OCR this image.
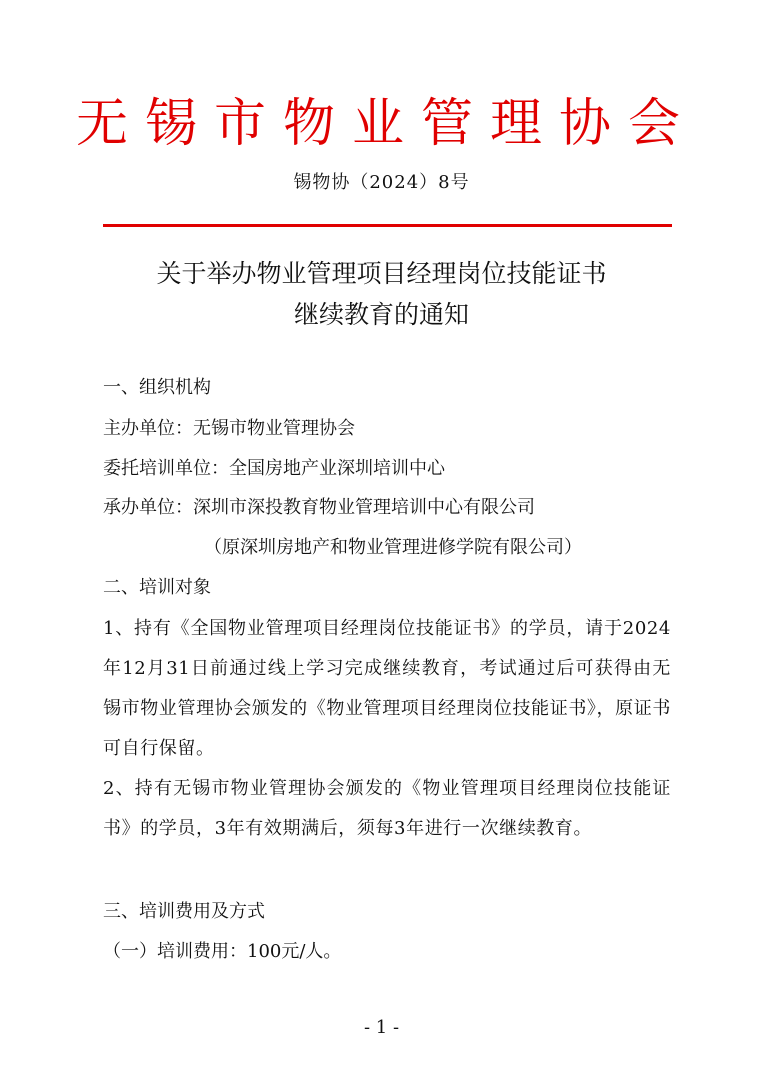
无锡市物业管理协会
锡物协（2024）8号
关于举办物业管理项目经理岗位技能证书
继续教育的通知
一、组织机构
主办单位：无锡市物业管理协会
委托培训单位：全国房地产业深圳培训中心
承办单位：深圳市深投教育物业管理培训中心有限公司
（原深圳房地产和物业管理进修学院有限公司）
二、培训对象
1、持有《全国物业管理项目经理岗位技能证书》的学员，请于2024年12月31日前通过线上学习完成继续教育，考试通过后可获得由无锡市物业管理协会颁发的《物业管理项目经理岗位技能证书》，原证书可自行保留。
2、持有无锡市物业管理协会颁发的《物业管理项目经理岗位技能证书》的学员，3年有效期满后，须每3年进行一次继续教育。
三、培训费用及方式
（一）培训费用：100元/人。
- 1 -
